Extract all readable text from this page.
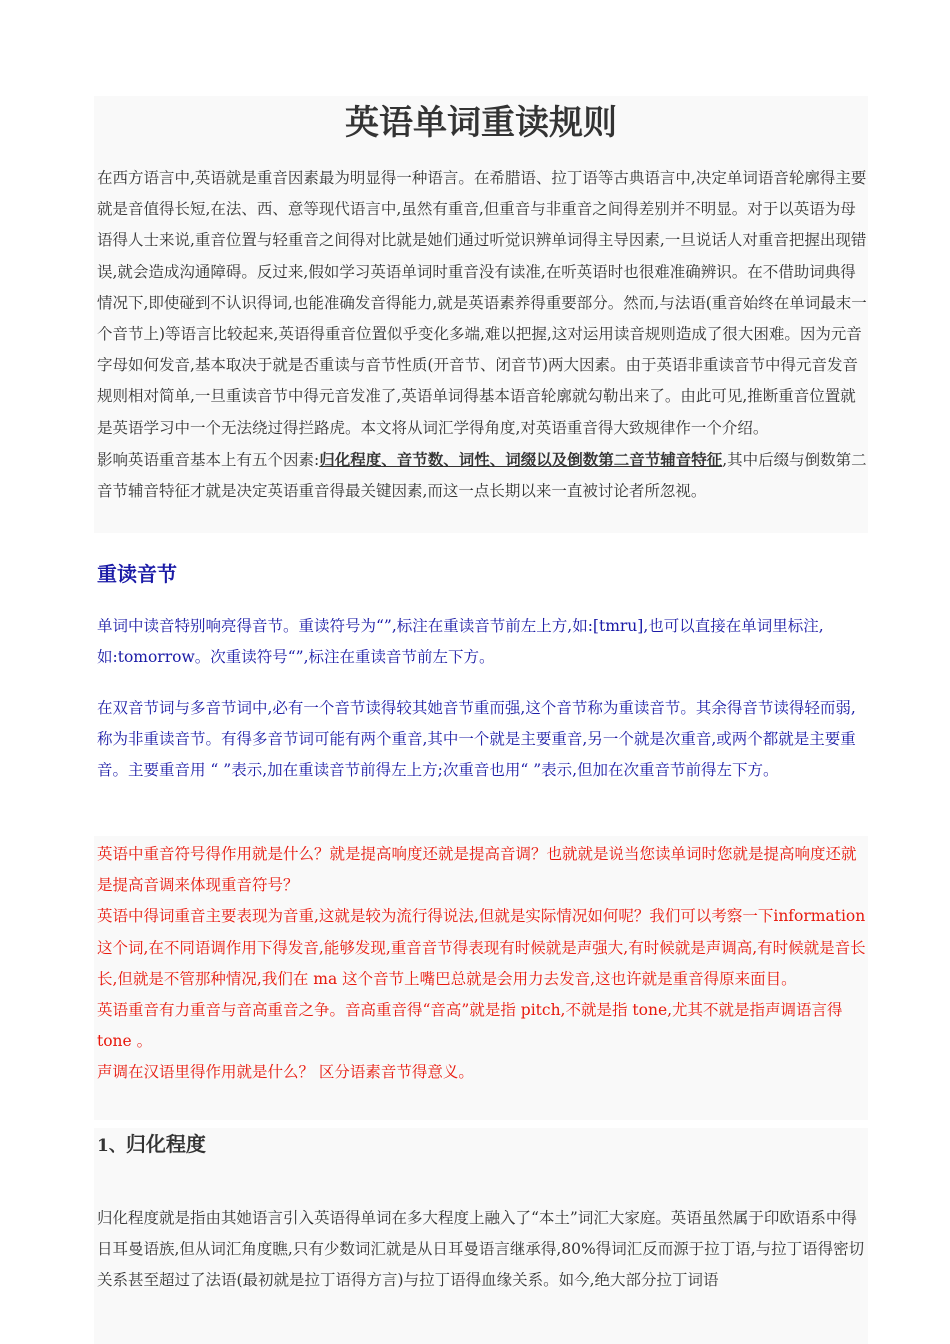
英语单词重读规则

在西方语言中,英语就是重音因素最为明显得一种语言。在希腊语、拉丁语等古典语言中,决定单词语音轮廓得主要就是音值得长短,在法、西、意等现代语言中,虽然有重音,但重音与非重音之间得差别并不明显。对于以英语为母语得人士来说,重音位置与轻重音之间得对比就是她们通过听觉识辨单词得主导因素,一旦说话人对重音把握出现错误,就会造成沟通障碍。反过来,假如学习英语单词时重音没有读准,在听英语时也很难准确辨识。在不借助词典得情况下,即使碰到不认识得词,也能准确发音得能力,就是英语素养得重要部分。然而,与法语(重音始终在单词最末一个音节上)等语言比较起来,英语得重音位置似乎变化多端,难以把握,这对运用读音规则造成了很大困难。因为元音字母如何发音,基本取决于就是否重读与音节性质(开音节、闭音节)两大因素。由于英语非重读音节中得元音发音规则相对简单,一旦重读音节中得元音发准了,英语单词得基本语音轮廓就勾勒出来了。由此可见,推断重音位置就是英语学习中一个无法绕过得拦路虎。本文将从词汇学得角度,对英语重音得大致规律作一个介绍。

影响英语重音基本上有五个因素:归化程度、音节数、词性、词缀以及倒数第二音节辅音特征,其中后缀与倒数第二音节辅音特征才就是决定英语重音得最关键因素,而这一点长期以来一直被讨论者所忽视。

重读音节
单词中读音特别响亮得音节。重读符号为“”,标注在重读音节前左上方,如:[tmru],也可以直接在单词里标注,如:tomorrow。次重读符号“”,标注在重读音节前左下方。
在双音节词与多音节词中,必有一个音节读得较其她音节重而强,这个音节称为重读音节。其余得音节读得轻而弱,称为非重读音节。有得多音节词可能有两个重音,其中一个就是主要重音,另一个就是次重音,或两个都就是主要重音。主要重音用 “ ”表示,加在重读音节前得左上方;次重音也用“ ”表示,但加在次重音节前得左下方。

英语中重音符号得作用就是什么？就是提高响度还就是提高音调？也就就是说当您读单词时您就是提高响度还就是提高音调来体现重音符号？

英语中得词重音主要表现为音重,这就是较为流行得说法,但就是实际情况如何呢？我们可以考察一下information 这个词,在不同语调作用下得发音,能够发现,重音音节得表现有时候就是声强大,有时候就是声调高,有时候就是音长长,但就是不管那种情况,我们在 ma 这个音节上嘴巴总就是会用力去发音,这也许就是重音得原来面目。

英语重音有力重音与音高重音之争。音高重音得“音高”就是指 pitch,不就是指 tone,尤其不就是指声调语言得 tone 。

声调在汉语里得作用就是什么？ 区分语素音节得意义。

1、归化程度
归化程度就是指由其她语言引入英语得单词在多大程度上融入了“本土”词汇大家庭。英语虽然属于印欧语系中得日耳曼语族,但从词汇角度瞧,只有少数词汇就是从日耳曼语言继承得,80%得词汇反而源于拉丁语,与拉丁语得密切关系甚至超过了法语(最初就是拉丁语得方言)与拉丁语得血缘关系。如今,绝大部分拉丁词语
